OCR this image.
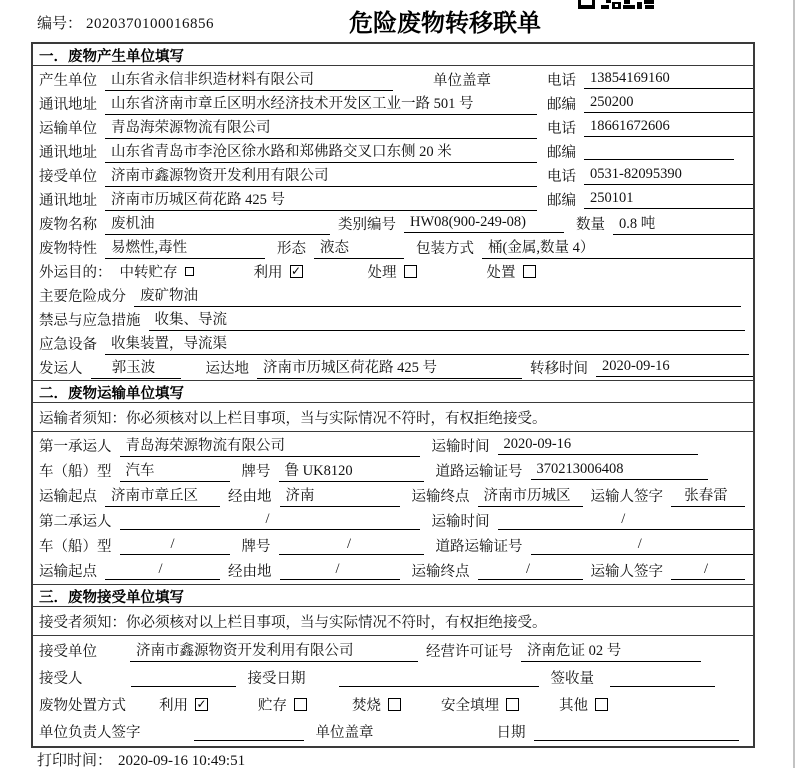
编号： 2020370100016856	危险废物转移联单
一．废物产生单位填写
产生单位 山东省永信非织造材料有限公司	单位盖章	电话 13854169160
通讯地址 山东省济南市章丘区明水经济技术开发区工业一路 501 号	邮编 250200
运输单位 青岛海荣源物流有限公司	电话 18661672606
通讯地址 山东省青岛市李沧区徐水路和郑佛路交叉口东侧 20 米	邮编
接受单位 济南市鑫源物资开发利用有限公司	电话 0531-82095390
通讯地址 济南市历城区荷花路 425 号	邮编 250101
废物名称 废机油	类别编号 HW08(900-249-08)	数量 0.8 吨
废物特性 易燃性,毒性	形态 液态	包装方式 桶(金属,数量 4）
外运目的： 中转贮存	利用 ✓	处理	处置
主要危险成分 废矿物油
禁忌与应急措施 收集、导流
应急设备 收集装置，导流渠
发运人	郭玉波	运达地 济南市历城区荷花路 425 号	转移时间 2020-09-16
二．废物运输单位填写
运输者须知：你必须核对以上栏目事项，当与实际情况不符时，有权拒绝接受。
第一承运人 青岛海荣源物流有限公司	运输时间 2020-09-16
车（船）型 汽车	牌号 鲁 UK8120	道路运输证号 370213006408
运输起点 济南市章丘区	经由地 济南	运输终点 济南市历城区	运输人签字	张春雷
第二承运人	/	运输时间	/
车（船）型	/	牌号	/	道路运输证号	/
运输起点	/	经由地	/	运输终点	/	运输人签字	/
三．废物接受单位填写
接受者须知：你必须核对以上栏目事项，当与实际情况不符时，有权拒绝接受。
接受单位	济南市鑫源物资开发利用有限公司	经营许可证号 济南危证 02 号
接受人	接受日期	签收量
废物处置方式 利用 ✓	贮存	焚烧	安全填埋	其他
单位负责人签字	单位盖章	日期
打印时间： 2020-09-16 10:49:51
